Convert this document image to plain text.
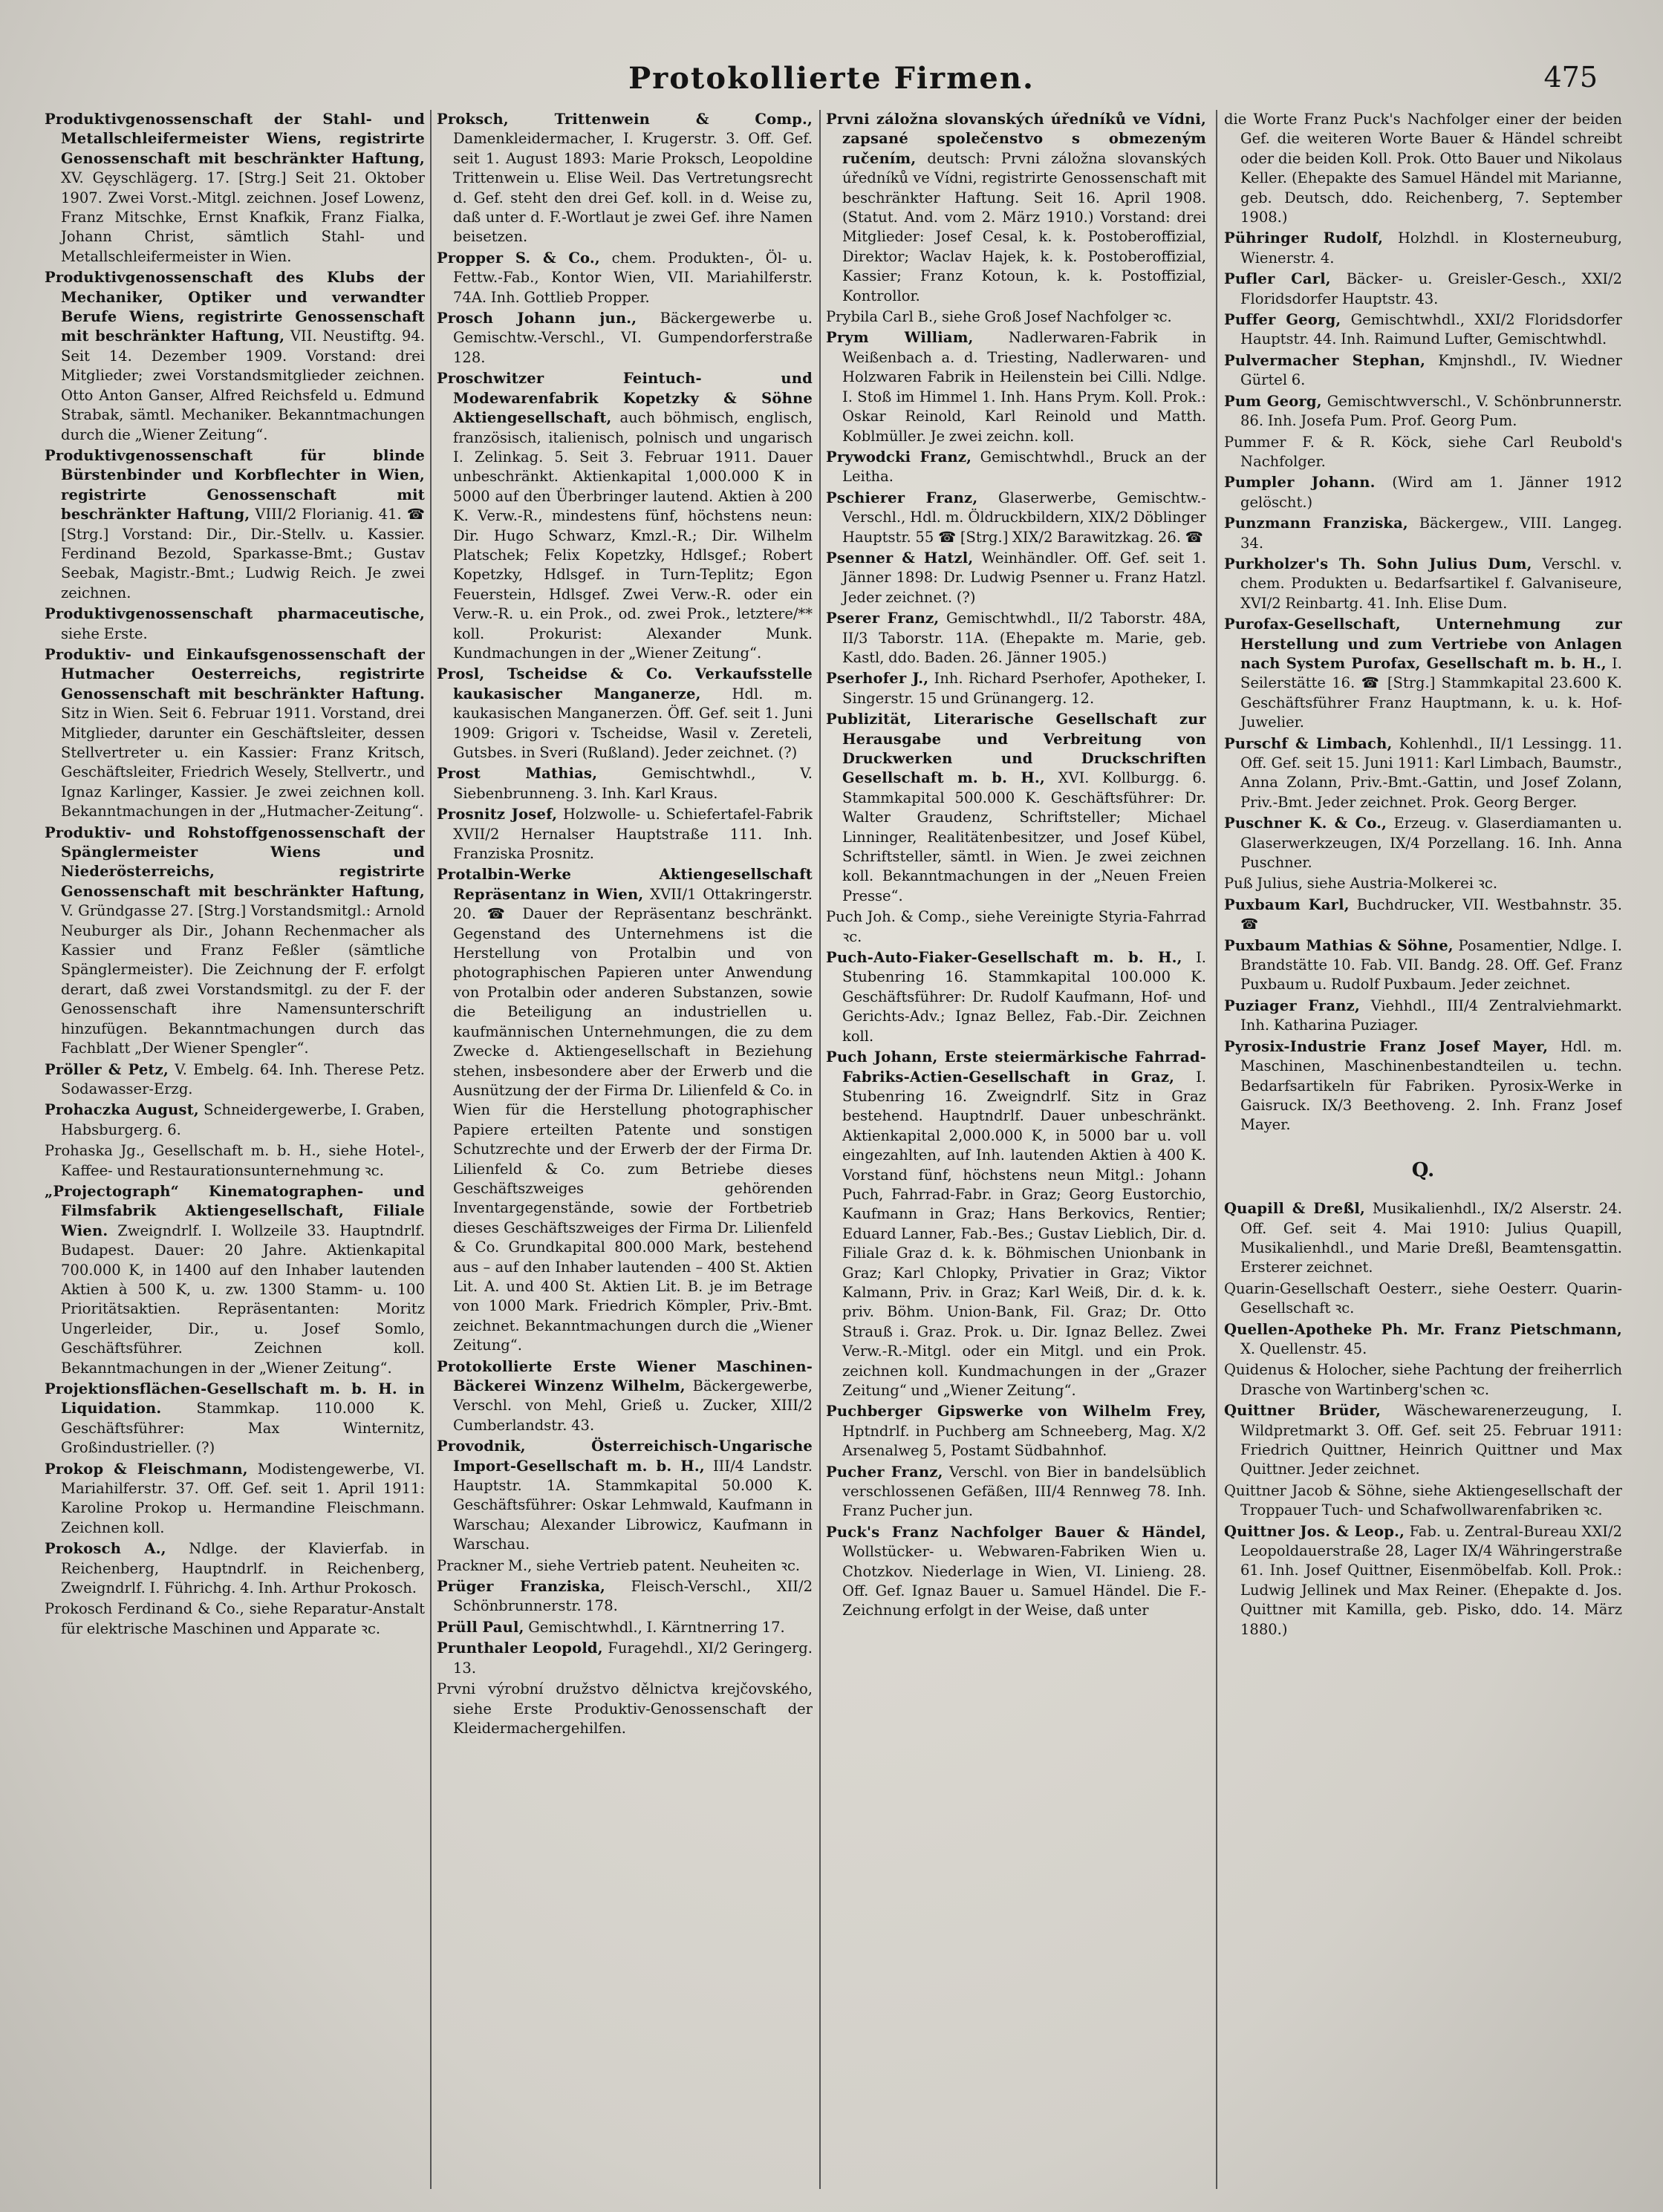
Protokollierte Firmen.	475
Produktivgenossenschaft der Stahl- und Metallschleifermeister Wiens, registrirte Genossenschaft mit beschränkter Haftung, XV. Gęyschlägerg. 17. [Strg.] Seit 21. Oktober 1907. Zwei Vorst.-Mitgl. zeichnen. Josef Lowenz, Franz Mitschke, Ernst Knafkik, Franz Fialka, Johann Christ, sämtlich Stahl- und Metallschleifermeister in Wien.
Produktivgenossenschaft des Klubs der Mechaniker, Optiker und verwandter Berufe Wiens, registrirte Genossenschaft mit beschränkter Haftung, VII. Neustiftg. 94. Seit 14. Dezember 1909. Vorstand: drei Mitglieder; zwei Vorstandsmitglieder zeichnen. Otto Anton Ganser, Alfred Reichsfeld u. Edmund Strabak, sämtl. Mechaniker. Bekanntmachungen durch die „Wiener Zeitung“.
Produktivgenossenschaft für blinde Bürstenbinder und Korbflechter in Wien, registrirte Genossenschaft mit beschränkter Haftung, VIII/2 Florianig. 41. ☎ [Strg.] Vorstand: Dir., Dir.-Stellv. u. Kassier. Ferdinand Bezold, Sparkasse-Bmt.; Gustav Seebak, Magistr.-Bmt.; Ludwig Reich. Je zwei zeichnen.
Produktivgenossenschaft pharmaceutische, siehe Erste.
Produktiv- und Einkaufsgenossenschaft der Hutmacher Oesterreichs, registrirte Genossenschaft mit beschränkter Haftung. Sitz in Wien. Seit 6. Februar 1911. Vorstand, drei Mitglieder, darunter ein Geschäftsleiter, dessen Stellvertreter u. ein Kassier: Franz Kritsch, Geschäftsleiter, Friedrich Wesely, Stellvertr., und Ignaz Karlinger, Kassier. Je zwei zeichnen koll. Bekanntmachungen in der „Hutmacher-Zeitung“.
Produktiv- und Rohstoffgenossenschaft der Spänglermeister Wiens und Niederösterreichs, registrirte Genossenschaft mit beschränkter Haftung, V. Gründgasse 27. [Strg.] Vorstandsmitgl.: Arnold Neuburger als Dir., Johann Rechenmacher als Kassier und Franz Feßler (sämtliche Spänglermeister). Die Zeichnung der F. erfolgt derart, daß zwei Vorstandsmitgl. zu der F. der Genossenschaft ihre Namensunterschrift hinzufügen. Bekanntmachungen durch das Fachblatt „Der Wiener Spengler“.
Pröller & Petz, V. Embelg. 64. Inh. Therese Petz. Sodawasser-Erzg.
Prohaczka August, Schneidergewerbe, I. Graben, Habsburgerg. 6.
Prohaska Jg., Gesellschaft m. b. H., siehe Hotel-, Kaffee- und Restaurationsunternehmung ꝛc.
„Projectograph“ Kinematographen- und Filmsfabrik Aktiengesellschaft, Filiale Wien. Zweigndrlf. I. Wollzeile 33. Hauptndrlf. Budapest. Dauer: 20 Jahre. Aktienkapital 700.000 K, in 1400 auf den Inhaber lautenden Aktien à 500 K, u. zw. 1300 Stamm- u. 100 Prioritätsaktien. Repräsentanten: Moritz Ungerleider, Dir., u. Josef Somlo, Geschäftsführer. Zeichnen koll. Bekanntmachungen in der „Wiener Zeitung“.
Projektionsflächen-Gesellschaft m. b. H. in Liquidation. Stammkap. 110.000 K. Geschäftsführer: Max Winternitz, Großindustrieller. (?)
Prokop & Fleischmann, Modistengewerbe, VI. Mariahilferstr. 37. Off. Gef. seit 1. April 1911: Karoline Prokop u. Hermandine Fleischmann. Zeichnen koll.
Prokosch A., Ndlge. der Klavierfab. in Reichenberg, Hauptndrlf. in Reichenberg, Zweigndrlf. I. Führichg. 4. Inh. Arthur Prokosch.
Prokosch Ferdinand & Co., siehe Reparatur-Anstalt für elektrische Maschinen und Apparate ꝛc.
Proksch, Trittenwein & Comp., Damenkleidermacher, I. Krugerstr. 3. Off. Gef. seit 1. August 1893: Marie Proksch, Leopoldine Trittenwein u. Elise Weil. Das Vertretungsrecht d. Gef. steht den drei Gef. koll. in d. Weise zu, daß unter d. F.-Wortlaut je zwei Gef. ihre Namen beisetzen.
Propper S. & Co., chem. Produkten-, Öl- u. Fettw.-Fab., Kontor Wien, VII. Mariahilferstr. 74A. Inh. Gottlieb Propper.
Prosch Johann jun., Bäckergewerbe u. Gemischtw.-Verschl., VI. Gumpendorferstraße 128.
Proschwitzer Feintuch- und Modewarenfabrik Kopetzky & Söhne Aktiengesellschaft, auch böhmisch, englisch, französisch, italienisch, polnisch und ungarisch I. Zelinkag. 5. Seit 3. Februar 1911. Dauer unbeschränkt. Aktienkapital 1,000.000 K in 5000 auf den Überbringer lautend. Aktien à 200 K. Verw.-R., mindestens fünf, höchstens neun: Dir. Hugo Schwarz, Kmzl.-R.; Dir. Wilhelm Platschek; Felix Kopetzky, Hdlsgef.; Robert Kopetzky, Hdlsgef. in Turn-Teplitz; Egon Feuerstein, Hdlsgef. Zwei Verw.-R. oder ein Verw.-R. u. ein Prok., od. zwei Prok., letztere/** koll. Prokurist: Alexander Munk. Kundmachungen in der „Wiener Zeitung“.
Prosl, Tscheidse & Co. Verkaufsstelle kaukasischer Manganerze, Hdl. m. kaukasischen Manganerzen. Öff. Gef. seit 1. Juni 1909: Grigori v. Tscheidse, Wasil v. Zereteli, Gutsbes. in Sveri (Rußland). Jeder zeichnet. (?)
Prost Mathias,	Gemischtwhdl., V. Siebenbrunneng. 3. Inh. Karl Kraus.
Prosnitz Josef, Holzwolle- u. Schiefertafel-Fabrik XVII/2 Hernalser Hauptstraße 111. Inh. Franziska Prosnitz.
Protalbin-Werke Aktiengesellschaft Repräsentanz in Wien, XVII/1 Ottakringerstr. 20. ☎ Dauer der Repräsentanz beschränkt. Gegenstand des Unternehmens ist die Herstellung von Protalbin und von photographischen Papieren unter Anwendung von Protalbin oder anderen Substanzen, sowie die Beteiligung an industriellen u. kaufmännischen Unternehmungen, die zu dem Zwecke d. Aktiengesellschaft in Beziehung stehen, insbesondere aber der Erwerb und die Ausnützung der der Firma Dr. Lilienfeld & Co. in Wien für die Herstellung photographischer Papiere erteilten Patente und sonstigen Schutzrechte und der Erwerb der der Firma Dr. Lilienfeld & Co. zum Betriebe dieses Geschäftszweiges gehörenden Inventargegenstände, sowie der Fortbetrieb dieses Geschäftszweiges der Firma Dr. Lilienfeld & Co. Grundkapital 800.000 Mark, bestehend aus – auf den Inhaber lautenden – 400 St. Aktien Lit. A. und 400 St. Aktien Lit. B. je im Betrage von 1000 Mark. Friedrich Kömpler, Priv.-Bmt. zeichnet. Bekanntmachungen durch die „Wiener Zeitung“.
Protokollierte Erste Wiener Maschinen-Bäckerei Winzenz Wilhelm, Bäckergewerbe, Verschl. von Mehl, Grieß u. Zucker, XIII/2 Cumberlandstr. 43.
Provodnik, Österreichisch-Ungarische Import-Gesellschaft m. b. H., III/4 Landstr. Hauptstr. 1A. Stammkapital 50.000 K. Geschäftsführer: Oskar Lehmwald, Kaufmann in Warschau; Alexander Librowicz, Kaufmann in Warschau.
Prackner M., siehe Vertrieb patent. Neuheiten ꝛc.
Prüger Franziska, Fleisch-Verschl., XII/2 Schönbrunnerstr. 178.
Prüll Paul, Gemischtwhdl., I. Kärntnerring 17.
Prunthaler Leopold, Furagehdl., XI/2 Geringerg. 13.
Prvni výrobní družstvo dělnictva krejčovského, siehe Erste Produktiv-Genossenschaft der Kleidermachergehilfen.
Prvni záložna slovanských úředníků ve Vídni, zapsané společenstvo s obmezeným ručením, deutsch: Prvni záložna slovanských úředníků ve Vídni, registrirte Genossenschaft mit beschränkter Haftung. Seit 16. April 1908. (Statut. And. vom 2. März 1910.) Vorstand: drei Mitglieder: Josef Cesal, k. k. Postoberoffizial, Direktor; Waclav Hajek, k. k. Postoberoffizial, Kassier; Franz Kotoun, k. k. Postoffizial, Kontrollor.
Prybila Carl B., siehe Groß Josef Nachfolger ꝛc.
Prym William, Nadlerwaren-Fabrik in Weißenbach a. d. Triesting, Nadlerwaren- und Holzwaren Fabrik in Heilenstein bei Cilli. Ndlge. I. Stoß im Himmel 1. Inh. Hans Prym. Koll. Prok.: Oskar Reinold, Karl Reinold und Matth. Koblmüller. Je zwei zeichn. koll.
Prywodcki Franz, Gemischtwhdl., Bruck an der Leitha.
Pschierer Franz, Glaserwerbe, Gemischtw.-Verschl., Hdl. m. Öldruckbildern, XIX/2 Döblinger Hauptstr. 55 ☎ [Strg.] XIX/2 Barawitzkag. 26. ☎
Psenner & Hatzl, Weinhändler. Off. Gef. seit 1. Jänner 1898: Dr. Ludwig Psenner u. Franz Hatzl. Jeder zeichnet. (?)
Pserer Franz, Gemischtwhdl., II/2 Taborstr. 48A, II/3 Taborstr. 11A. (Ehepakte m. Marie, geb. Kastl, ddo. Baden. 26. Jänner 1905.)
Pserhofer J., Inh. Richard Pserhofer, Apotheker, I. Singerstr. 15 und Grünangerg. 12.
Publizität, Literarische Gesellschaft zur Herausgabe und Verbreitung von Druckwerken und Druckschriften Gesellschaft m. b. H., XVI. Kollburgg. 6. Stammkapital 500.000 K. Geschäftsführer: Dr. Walter Graudenz, Schriftsteller; Michael Linninger, Realitätenbesitzer, und Josef Kübel, Schriftsteller, sämtl. in Wien. Je zwei zeichnen koll. Bekanntmachungen in der „Neuen Freien Presse“.
Puch Joh. & Comp., siehe Vereinigte Styria-Fahrrad ꝛc.
Puch-Auto-Fiaker-Gesellschaft m. b. H., I. Stubenring 16. Stammkapital 100.000 K. Geschäftsführer: Dr. Rudolf Kaufmann, Hof- und Gerichts-Adv.; Ignaz Bellez, Fab.-Dir. Zeichnen koll.
Puch Johann, Erste steiermärkische Fahrrad-Fabriks-Actien-Gesellschaft in Graz, I. Stubenring 16. Zweigndrlf. Sitz in Graz bestehend. Hauptndrlf. Dauer unbeschränkt. Aktienkapital 2,000.000 K, in 5000 bar u. voll eingezahlten, auf Inh. lautenden Aktien à 400 K. Vorstand fünf, höchstens neun Mitgl.: Johann Puch, Fahrrad-Fabr. in Graz; Georg Eustorchio, Kaufmann in Graz; Hans Berkovics, Rentier; Eduard Lanner, Fab.-Bes.; Gustav Lieblich, Dir. d. Filiale Graz d. k. k. Böhmischen Unionbank in Graz; Karl Chlopky, Privatier in Graz; Viktor Kalmann, Priv. in Graz; Karl Weiß, Dir. d. k. k. priv. Böhm. Union-Bank, Fil. Graz; Dr. Otto Strauß i. Graz. Prok. u. Dir. Ignaz Bellez. Zwei Verw.-R.-Mitgl. oder ein Mitgl. und ein Prok. zeichnen koll. Kundmachungen in der „Grazer Zeitung“ und „Wiener Zeitung“.
Puchberger Gipswerke von Wilhelm Frey, Hptndrlf. in Puchberg am Schneeberg, Mag. X/2 Arsenalweg 5, Postamt Südbahnhof.
Pucher Franz, Verschl. von Bier in bandelsüblich verschlossenen Gefäßen, III/4 Rennweg 78. Inh. Franz Pucher jun.
Puck's Franz Nachfolger Bauer & Händel, Wollstücker- u. Webwaren-Fabriken Wien u. Chotzkov. Niederlage in Wien, VI. Linieng. 28. Off. Gef. Ignaz Bauer u. Samuel Händel. Die F.-Zeichnung erfolgt in der Weise, daß unter
die Worte Franz Puck's Nachfolger einer der beiden Gef. die weiteren Worte Bauer & Händel schreibt oder die beiden Koll. Prok. Otto Bauer und Nikolaus Keller. (Ehepakte des Samuel Händel mit Marianne, geb. Deutsch, ddo. Reichenberg, 7. September 1908.)
Pühringer Rudolf, Holzhdl. in Klosterneuburg, Wienerstr. 4.
Pufler Carl, Bäcker- u. Greisler-Gesch., XXI/2 Floridsdorfer Hauptstr. 43.
Puffer Georg, Gemischtwhdl., XXI/2 Floridsdorfer Hauptstr. 44. Inh. Raimund Lufter, Gemischtwhdl.
Pulvermacher Stephan, Kmjnshdl., IV. Wiedner Gürtel 6.
Pum Georg, Gemischtwverschl., V. Schönbrunnerstr. 86. Inh. Josefa Pum. Prof. Georg Pum.
Pummer F. & R. Köck, siehe Carl Reubold's Nachfolger.
Pumpler Johann. (Wird am 1. Jänner 1912 gelöscht.)
Punzmann Franziska, Bäckergew., VIII. Langeg. 34.
Purkholzer's Th. Sohn Julius Dum, Verschl. v. chem. Produkten u. Bedarfsartikel f. Galvaniseure, XVI/2 Reinbartg. 41. Inh. Elise Dum.
Purofax-Gesellschaft, Unternehmung zur Herstellung und zum Vertriebe von Anlagen nach System Purofax, Gesellschaft m. b. H., I. Seilerstätte 16. ☎ [Strg.] Stammkapital 23.600 K. Geschäftsführer Franz Hauptmann, k. u. k. Hof-Juwelier.
Purschf & Limbach, Kohlenhdl., II/1 Lessingg. 11. Off. Gef. seit 15. Juni 1911: Karl Limbach, Baumstr., Anna Zolann, Priv.-Bmt.-Gattin, und Josef Zolann, Priv.-Bmt. Jeder zeichnet. Prok. Georg Berger.
Puschner K. & Co., Erzeug. v. Glaserdiamanten u. Glaserwerkzeugen, IX/4 Porzellang. 16. Inh. Anna Puschner.
Puß Julius, siehe Austria-Molkerei ꝛc.
Puxbaum Karl, Buchdrucker, VII. Westbahnstr. 35. ☎
Puxbaum Mathias & Söhne, Posamentier, Ndlge. I. Brandstätte 10. Fab. VII. Bandg. 28. Off. Gef. Franz Puxbaum u. Rudolf Puxbaum. Jeder zeichnet.
Puziager Franz, Viehhdl., III/4 Zentralviehmarkt. Inh. Katharina Puziager.
Pyrosix-Industrie Franz Josef Mayer, Hdl. m. Maschinen, Maschinenbestandteilen u. techn. Bedarfsartikeln für Fabriken. Pyrosix-Werke in Gaisruck. IX/3 Beethoveng. 2. Inh. Franz Josef Mayer.
Q.
Quapill & Dreßl, Musikalienhdl., IX/2 Alserstr. 24. Off. Gef. seit 4. Mai 1910: Julius Quapill, Musikalienhdl., und Marie Dreßl, Beamtensgattin. Ersterer zeichnet.
Quarin-Gesellschaft Oesterr., siehe Oesterr. Quarin-Gesellschaft ꝛc.
Quellen-Apotheke Ph. Mr. Franz Pietschmann, X. Quellenstr. 45.
Quidenus & Holocher, siehe Pachtung der freiherrlich Drasche von Wartinberg'schen ꝛc.
Quittner Brüder, Wäschewarenerzeugung, I. Wildpretmarkt 3. Off. Gef. seit 25. Februar 1911: Friedrich Quittner, Heinrich Quittner und Max Quittner. Jeder zeichnet.
Quittner Jacob & Söhne, siehe Aktiengesellschaft der Troppauer Tuch- und Schafwollwarenfabriken ꝛc.
Quittner Jos. & Leop., Fab. u. Zentral-Bureau XXI/2 Leopoldauerstraße 28, Lager IX/4 Währingerstraße 61. Inh. Josef Quittner, Eisenmöbelfab. Koll. Prok.: Ludwig Jellinek und Max Reiner. (Ehepakte d. Jos. Quittner mit Kamilla, geb. Pisko, ddo. 14. März 1880.)
